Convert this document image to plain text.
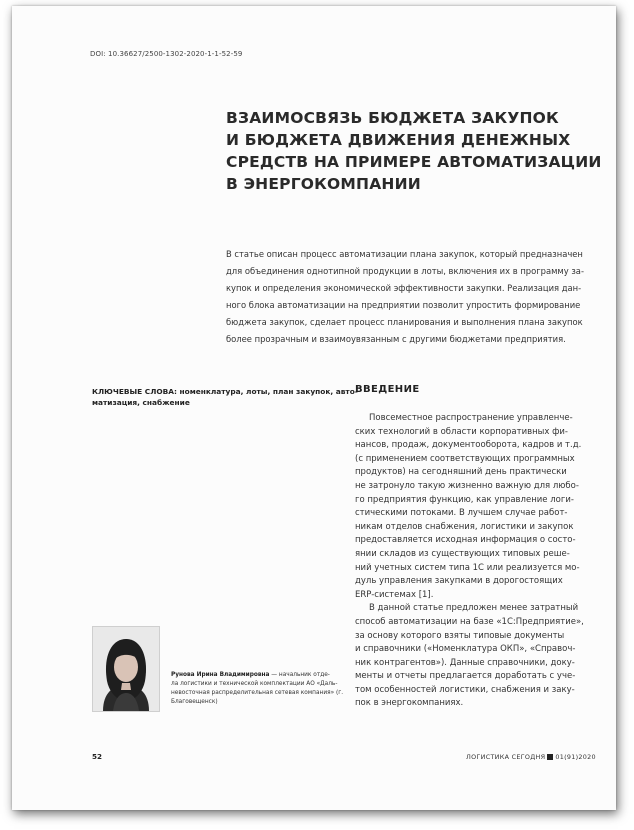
DOI: 10.36627/2500-1302-2020-1-1-52-59
ВЗАИМОСВЯЗЬ БЮДЖЕТА ЗАКУПОК
И БЮДЖЕТА ДВИЖЕНИЯ ДЕНЕЖНЫХ
СРЕДСТВ НА ПРИМЕРЕ АВТОМАТИЗАЦИИ
В ЭНЕРГОКОМПАНИИ
В статье описан процесс автоматизации плана закупок, который предназначен
для объединения однотипной продукции в лоты, включения их в программу за-
купок и определения экономической эффективности закупки. Реализация дан-
ного блока автоматизации на предприятии позволит упростить формирование
бюджета закупок, сделает процесс планирования и выполнения плана закупок
более прозрачным и взаимоувязанным с другими бюджетами предприятия.
КЛЮЧЕВЫЕ СЛОВА: номенклатура, лоты, план закупок, авто-
матизация, снабжение
ВВЕДЕНИЕ
Повсеместное распространение управленче-
ских технологий в области корпоративных фи-
нансов, продаж, документооборота, кадров и т.д.
(с применением соответствующих программных
продуктов) на сегодняшний день практически
не затронуло такую жизненно важную для любо-
го предприятия функцию, как управление логи-
стическими потоками. В лучшем случае работ-
никам отделов снабжения, логистики и закупок
предоставляется исходная информация о состо-
янии складов из существующих типовых реше-
ний учетных систем типа 1С или реализуется мо-
дуль управления закупками в дорогостоящих
ERP-системах [1].
В данной статье предложен менее затратный
способ автоматизации на базе «1С:Предприятие»,
за основу которого взяты типовые документы
и справочники («Номенклатура ОКП», «Справоч-
ник контрагентов»). Данные справочники, доку-
менты и отчеты предлагается доработать с уче-
том особенностей логистики, снабжения и заку-
пок в энергокомпаниях.
Рунова Ирина Владимировна — начальник отде-
ла логистики и технической комплектации АО «Даль-
невосточная распределительная сетевая компания» (г.
Благовещенск)
52	ЛОГИСТИКА СЕГОДНЯ 01(91)2020
